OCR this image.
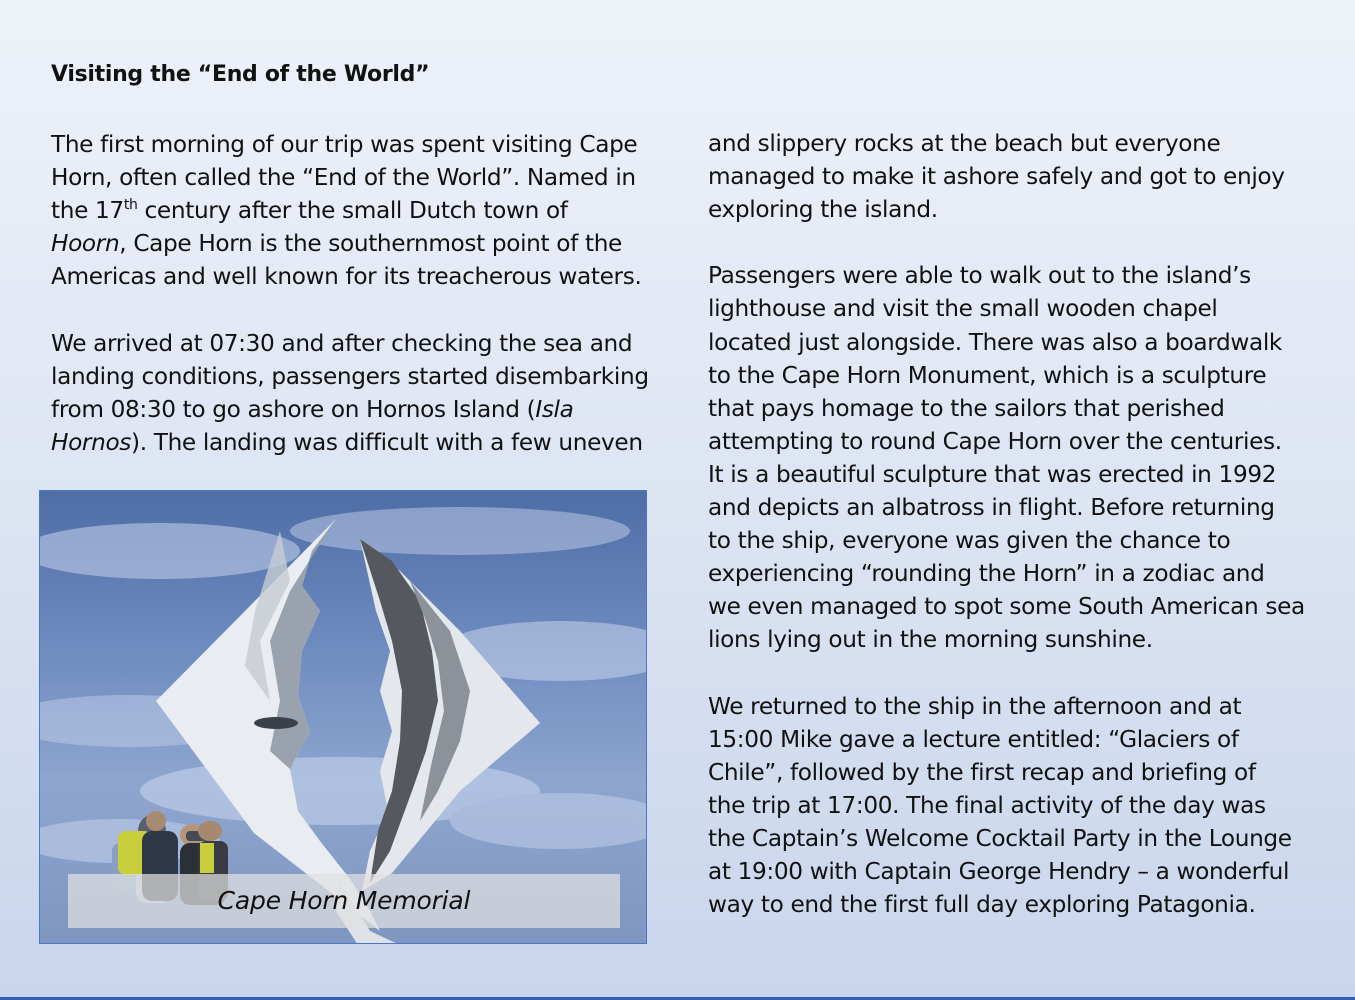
Visiting the “End of the World”

The first morning of our trip was spent visiting Cape

Horn, often called the “End of the World”. Named in

the 17th century after the small Dutch town of

Hoorn, Cape Horn is the southernmost point of the

Americas and well known for its treacherous waters.

We arrived at 07:30 and after checking the sea and

landing conditions, passengers started disembarking

from 08:30 to go ashore on Hornos Island (Isla

Hornos). The landing was difficult with a few uneven

Cape Horn Memorial

and slippery rocks at the beach but everyone

managed to make it ashore safely and got to enjoy

exploring the island.

Passengers were able to walk out to the island’s

lighthouse and visit the small wooden chapel

located just alongside. There was also a boardwalk

to the Cape Horn Monument, which is a sculpture

that pays homage to the sailors that perished

attempting to round Cape Horn over the centuries.

It is a beautiful sculpture that was erected in 1992

and depicts an albatross in flight. Before returning

to the ship, everyone was given the chance to

experiencing “rounding the Horn” in a zodiac and

we even managed to spot some South American sea

lions lying out in the morning sunshine.

We returned to the ship in the afternoon and at

15:00 Mike gave a lecture entitled: “Glaciers of

Chile”, followed by the first recap and briefing of

the trip at 17:00. The final activity of the day was

the Captain’s Welcome Cocktail Party in the Lounge

at 19:00 with Captain George Hendry – a wonderful

way to end the first full day exploring Patagonia.
